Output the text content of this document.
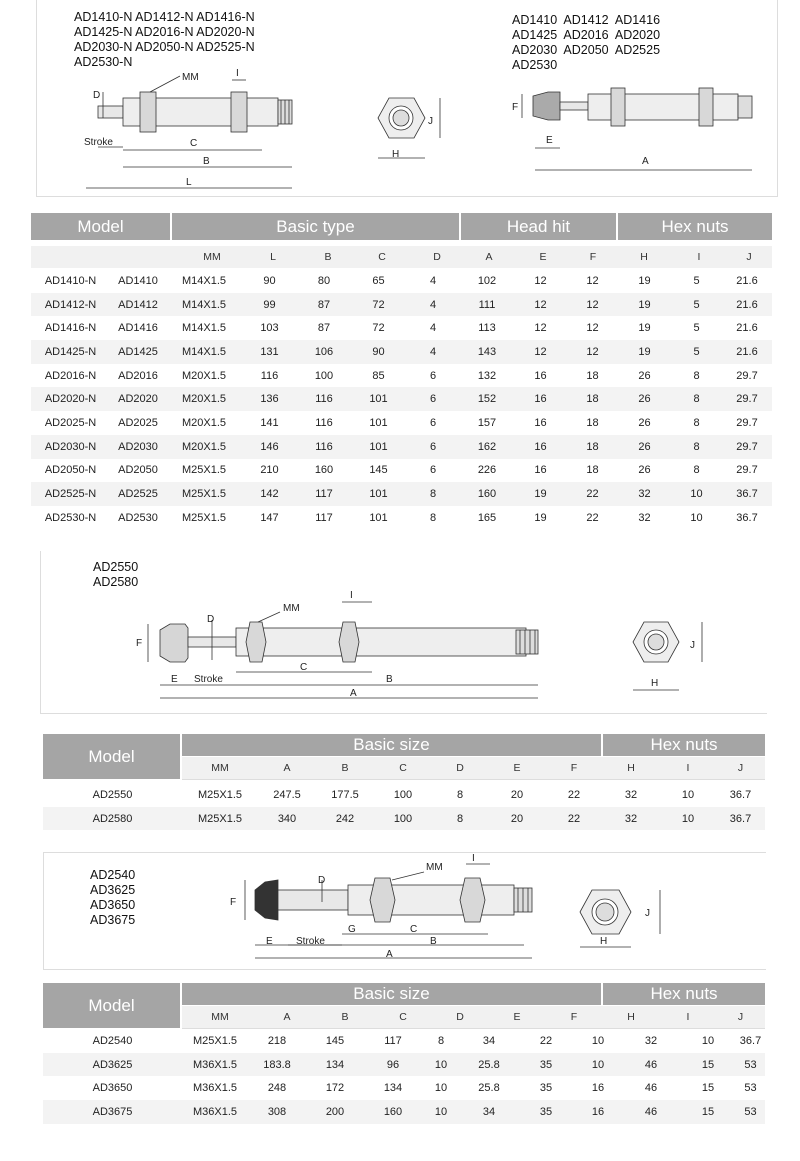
AD1410-N AD1412-N AD1416-N
AD1425-N AD2016-N AD2020-N
AD2030-N AD2050-N AD2525-N
AD2530-N
D
Stroke	C
B
L
MM	I
H
J
AD1410  AD1412  AD1416
AD1425  AD2016  AD2020
AD2030  AD2050  AD2525
AD2530
F
E
A
Model	Basic type	Head hit	Hex nuts
MM	L	B	C	D	A	E	F	H	I	J
AD1410-N	AD1410	M14X1.5	90	80	65	4	102	12	12	19	5	21.6
AD1412-N	AD1412	M14X1.5	99	87	72	4	111	12	12	19	5	21.6
AD1416-N	AD1416	M14X1.5	103	87	72	4	113	12	12	19	5	21.6
AD1425-N	AD1425	M14X1.5	131	106	90	4	143	12	12	19	5	21.6
AD2016-N	AD2016	M20X1.5	116	100	85	6	132	16	18	26	8	29.7
AD2020-N	AD2020	M20X1.5	136	116	101	6	152	16	18	26	8	29.7
AD2025-N	AD2025	M20X1.5	141	116	101	6	157	16	18	26	8	29.7
AD2030-N	AD2030	M20X1.5	146	116	101	6	162	16	18	26	8	29.7
AD2050-N	AD2050	M25X1.5	210	160	145	6	226	16	18	26	8	29.7
AD2525-N	AD2525	M25X1.5	142	117	101	8	160	19	22	32	10	36.7
AD2530-N	AD2530	M25X1.5	147	117	101	8	165	19	22	32	10	36.7
AD2550
AD2580
F
D
E Stroke
C
B
A
MM
I
H
J
Model
Basic size	Hex nuts
MM	A	B	C	D	E	F	H	I	J
AD2550	M25X1.5	247.5	177.5	100	8	20	22	32	10	36.7
AD2580	M25X1.5	340	242	100	8	20	22	32	10	36.7
AD2540
AD3625
AD3650
AD3675
F
D
E Stroke
G	C
B
A
MM
I
H
J
Model
Basic size	Hex nuts
MM	A	B	C	D	E	F	H	I	J
AD2540	M25X1.5	218	145	117	8	34	22	10	32	10	36.7
AD3625	M36X1.5	183.8	134	96	10	25.8	35	10	46	15	53
AD3650	M36X1.5	248	172	134	10	25.8	35	16	46	15	53
AD3675	M36X1.5	308	200	160	10	34	35	16	46	15	53
